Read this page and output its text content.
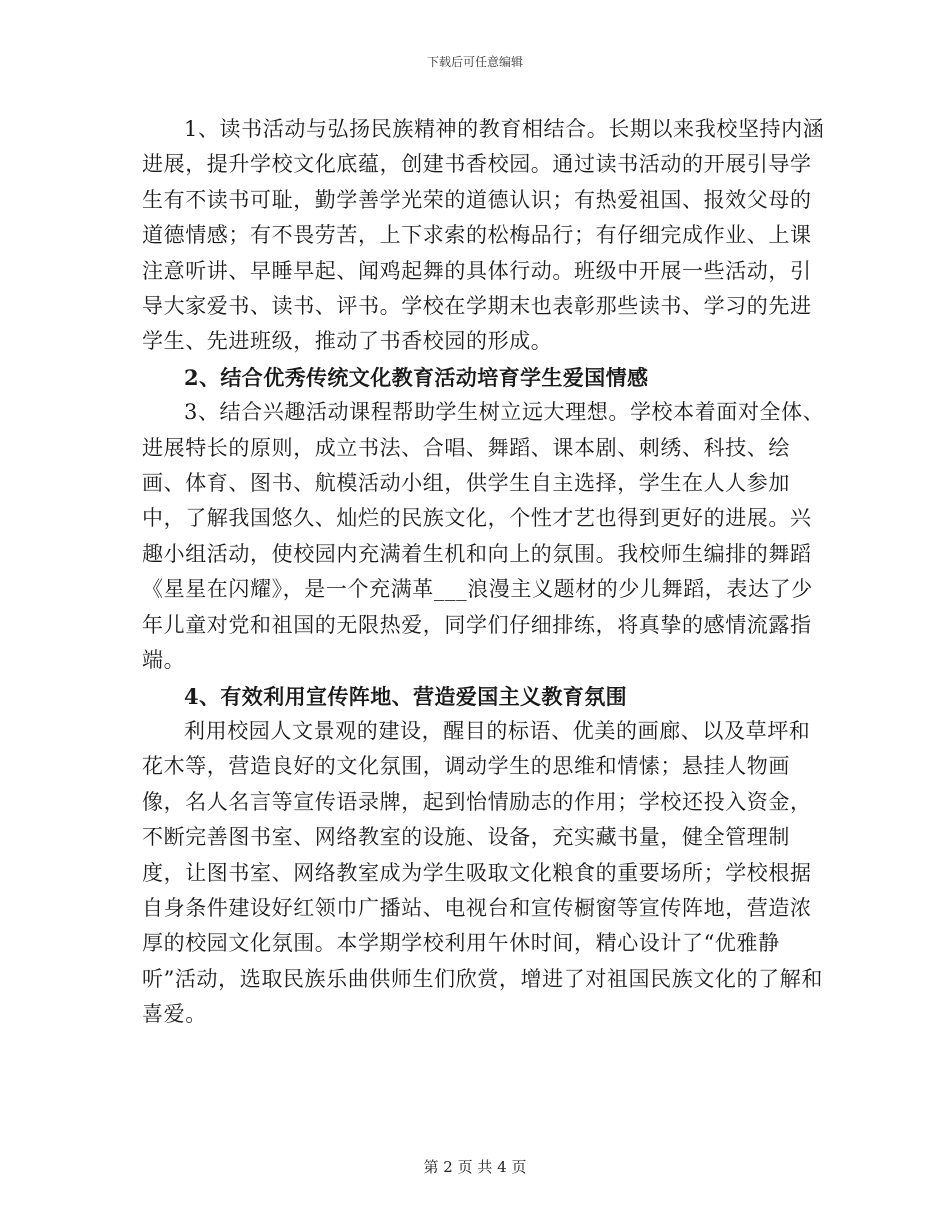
下载后可任意编辑

1、读书活动与弘扬民族精神的教育相结合。长期以来我校坚持内涵进展，提升学校文化底蕴，创建书香校园。通过读书活动的开展引导学生有不读书可耻，勤学善学光荣的道德认识；有热爱祖国、报效父母的道德情感；有不畏劳苦，上下求索的松梅品行；有仔细完成作业、上课注意听讲、早睡早起、闻鸡起舞的具体行动。班级中开展一些活动，引导大家爱书、读书、评书。学校在学期末也表彰那些读书、学习的先进学生、先进班级，推动了书香校园的形成。

2、结合优秀传统文化教育活动培育学生爱国情感

3、结合兴趣活动课程帮助学生树立远大理想。学校本着面对全体、进展特长的原则，成立书法、合唱、舞蹈、课本剧、刺绣、科技、绘画、体育、图书、航模活动小组，供学生自主选择，学生在人人参加中，了解我国悠久、灿烂的民族文化，个性才艺也得到更好的进展。兴趣小组活动，使校园内充满着生机和向上的氛围。我校师生编排的舞蹈《星星在闪耀》，是一个充满革___浪漫主义题材的少儿舞蹈，表达了少年儿童对党和祖国的无限热爱，同学们仔细排练，将真挚的感情流露指端。

4、有效利用宣传阵地、营造爱国主义教育氛围

利用校园人文景观的建设，醒目的标语、优美的画廊、以及草坪和花木等，营造良好的文化氛围，调动学生的思维和情愫；悬挂人物画像，名人名言等宣传语录牌，起到怡情励志的作用；学校还投入资金，不断完善图书室、网络教室的设施、设备，充实藏书量，健全管理制度，让图书室、网络教室成为学生吸取文化粮食的重要场所；学校根据自身条件建设好红领巾广播站、电视台和宣传橱窗等宣传阵地，营造浓厚的校园文化氛围。本学期学校利用午休时间，精心设计了“优雅静听”活动，选取民族乐曲供师生们欣赏，增进了对祖国民族文化的了解和喜爱。

第 2 页 共 4 页
